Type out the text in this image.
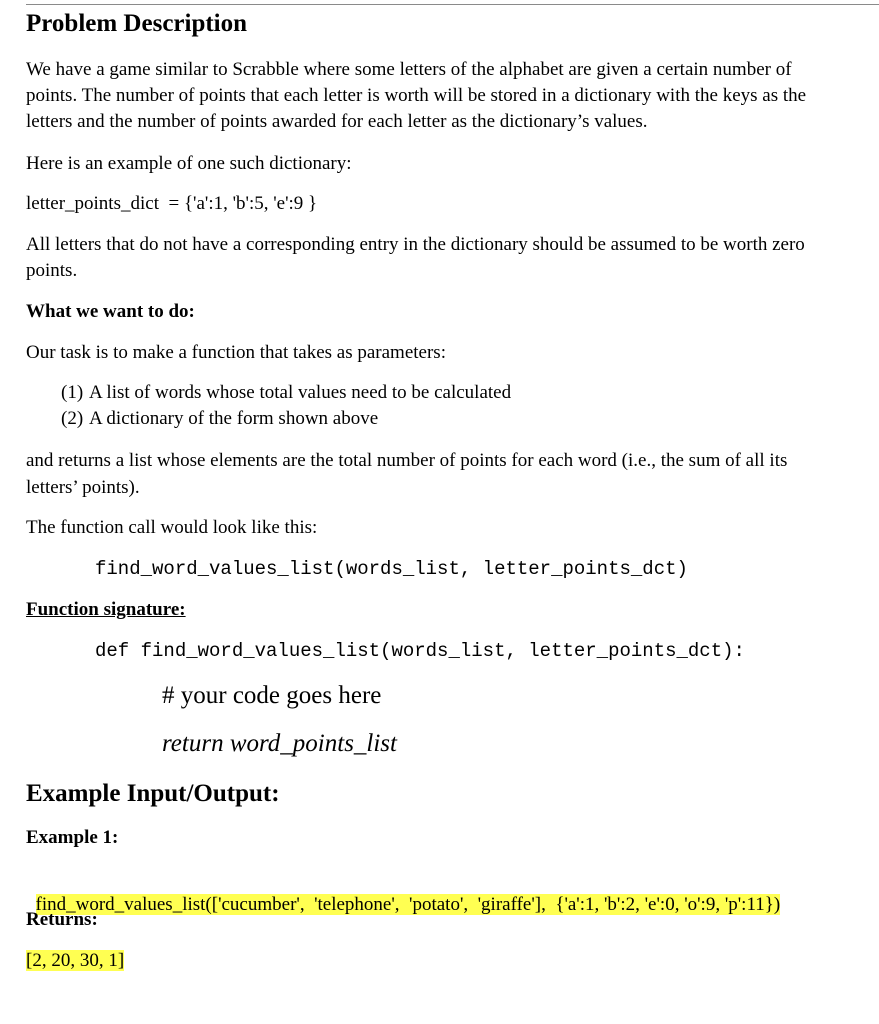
Problem Description
We have a game similar to Scrabble where some letters of the alphabet are given a certain number of
points. The number of points that each letter is worth will be stored in a dictionary with the keys as the
letters and the number of points awarded for each letter as the dictionary’s values.
Here is an example of one such dictionary:
letter_points_dict  = {'a':1, 'b':5, 'e':9 }
All letters that do not have a corresponding entry in the dictionary should be assumed to be worth zero
points.
What we want to do:
Our task is to make a function that takes as parameters:
(1) A list of words whose total values need to be calculated
(2) A dictionary of the form shown above
and returns a list whose elements are the total number of points for each word (i.e., the sum of all its
letters’ points).
The function call would look like this:
find_word_values_list(words_list, letter_points_dct)
Function signature:
def find_word_values_list(words_list, letter_points_dct):
# your code goes here
return word_points_list
Example Input/Output:
Example 1:

find_word_values_list(['cucumber',  'telephone',  'potato',  'giraffe'],  {'a':1, 'b':2, 'e':0, 'o':9, 'p':11})

Returns:
[2, 20, 30, 1]
